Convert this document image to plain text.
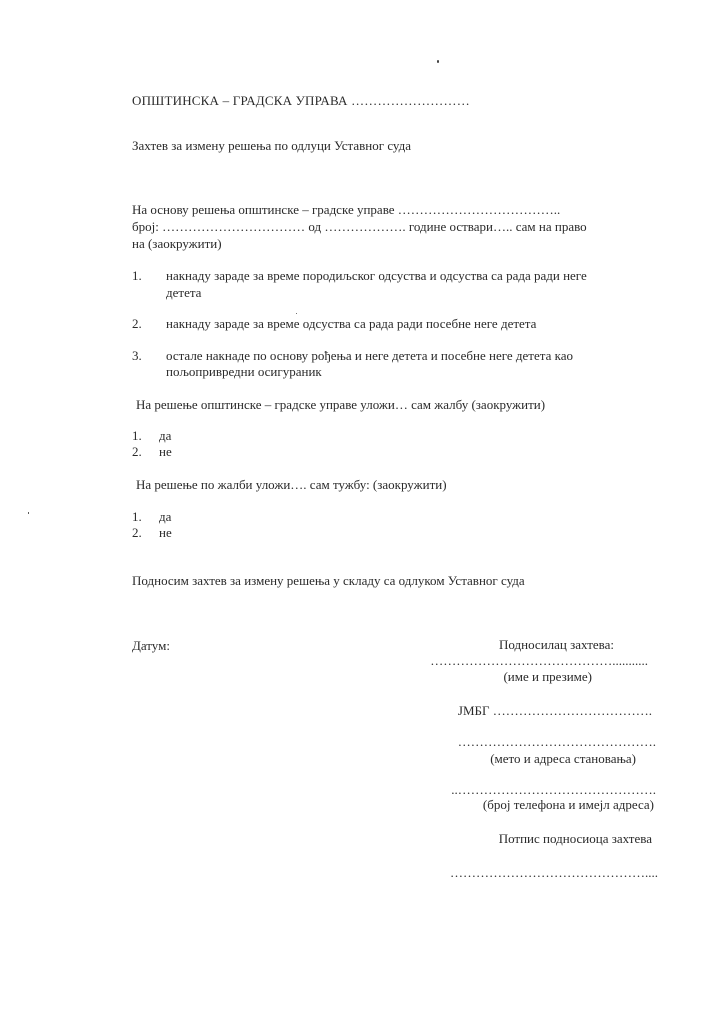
ОПШТИНСКА – ГРАДСКА УПРАВА ………………………
Захтев за измену решења по одлуци Уставног суда
На основу решења општинске – градске управе ………………………………..
број: …………………………… од ………………. године оствари….. сам на право
на (заокружити)
1. накнаду зараде за време породиљског одсуства и одсуства са рада ради неге
детета
2. накнаду зараде за време одсуства са рада ради посебне неге детета
3. остале накнаде по основу рођења и неге детета и посебне неге детета као
пољопривредни осигураник
На решење општинске – градске управе уложи… сам жалбу (заокружити)
1. да
2. не
На решење по жалби уложи…. сам тужбу: (заокружити)
1. да
2. не
Подносим захтев за измену решења у складу са одлуком Уставног суда
Датум:	Подносилац захтева:
……………………………………...........
(име и презиме)
ЈМБГ ……………………………….
……………………………………….
(мето и адреса становања)
..……………………………………….
(број телефона и имејл адреса)
Потпис подносиоца захтева
………………………………………....
